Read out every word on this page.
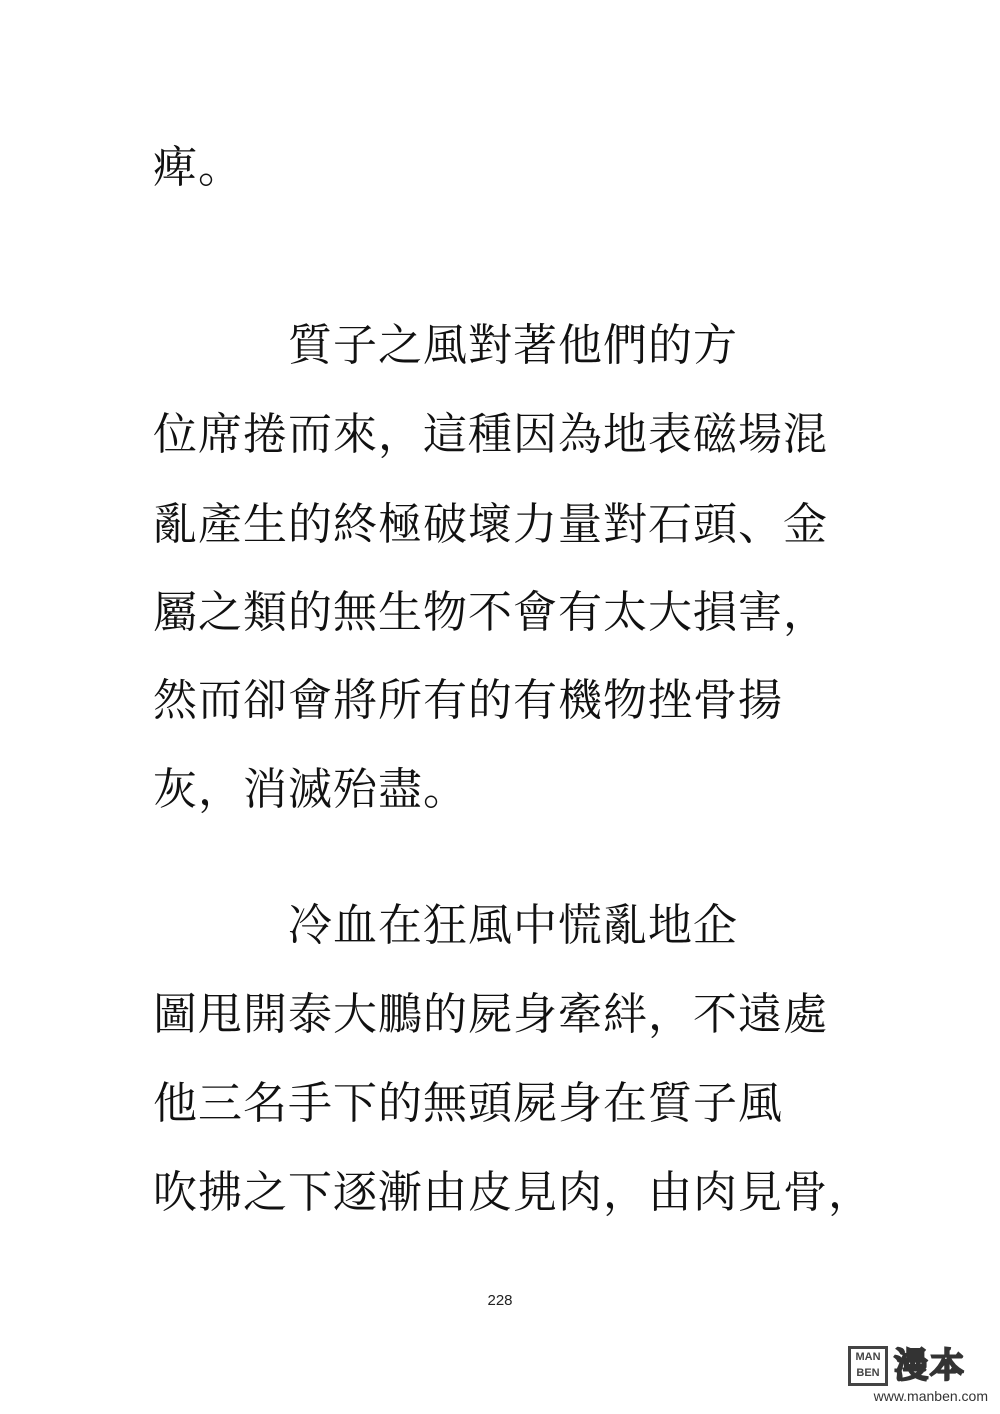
痺。
　　　質子之風對著他們的方
位席捲而來，這種因為地表磁場混
亂產生的終極破壞力量對石頭、金
屬之類的無生物不會有太大損害，
然而卻會將所有的有機物挫骨揚
灰，消滅殆盡。
　　　冷血在狂風中慌亂地企
圖甩開泰大鵬的屍身牽絆，不遠處
他三名手下的無頭屍身在質子風
吹拂之下逐漸由皮見肉，由肉見骨，
228
MAN
BEN 漫本
www.manben.com
